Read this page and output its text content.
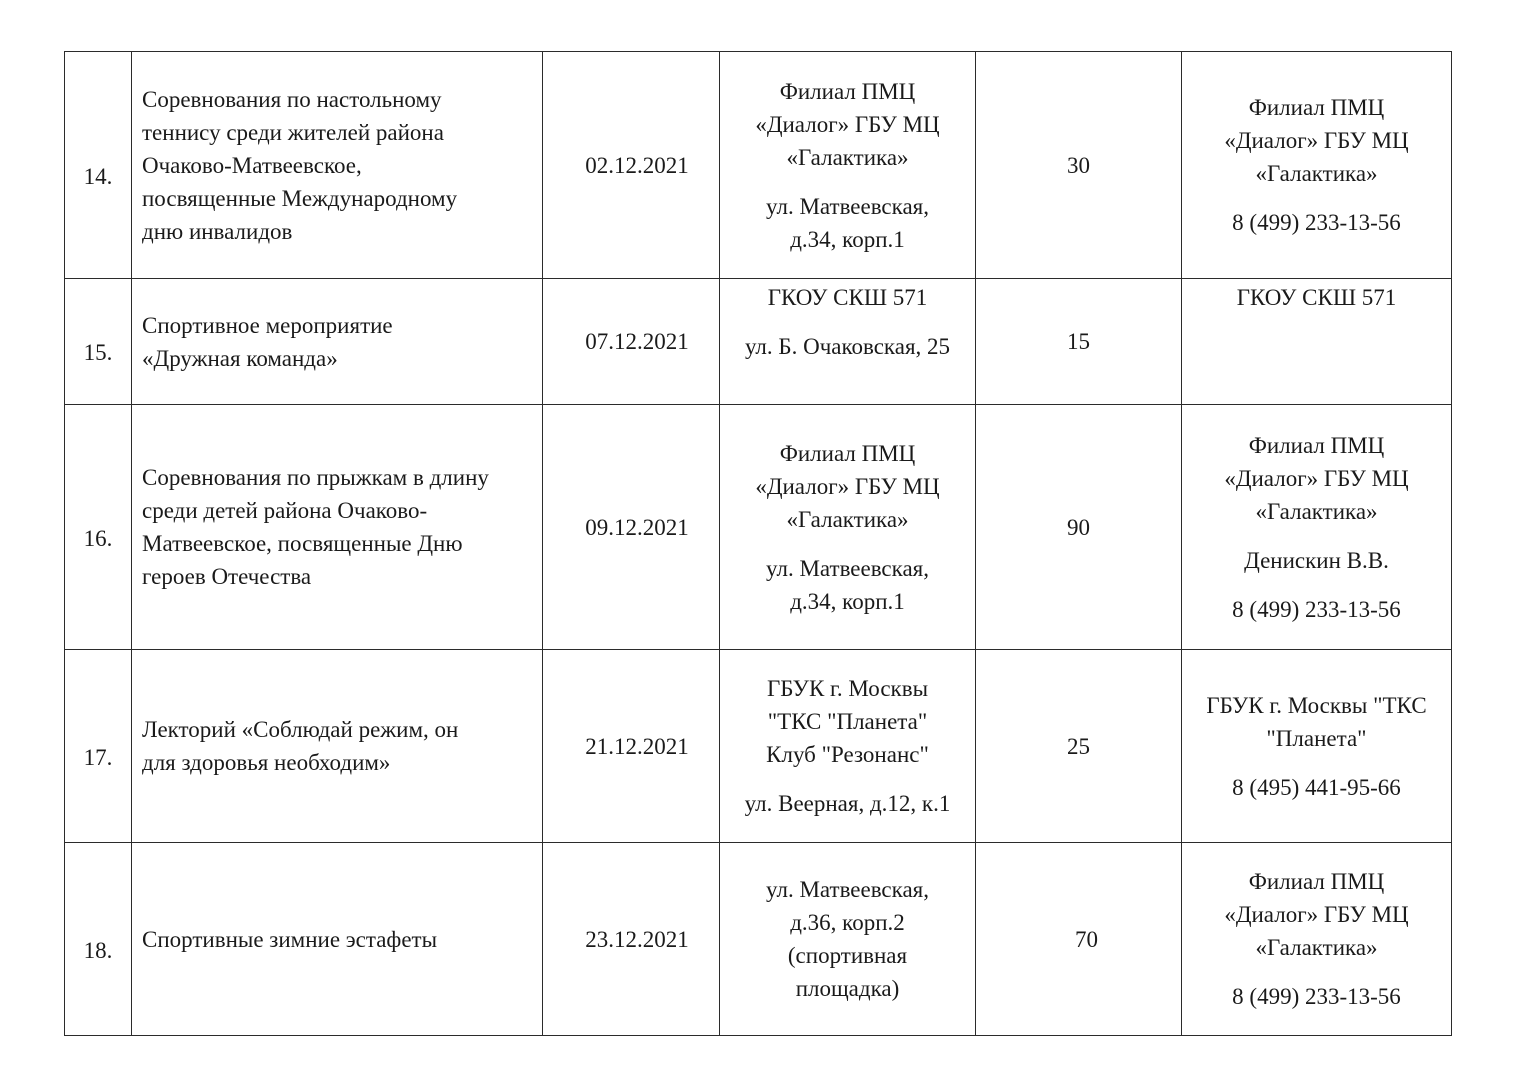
14.	Соревнования по настольному
теннису среди жителей района
Очаково-Матвеевское,
посвященные Международному
дню инвалидов	02.12.2021	Филиал ПМЦ
«Диалог» ГБУ МЦ
«Галактика»
ул. Матвеевская,
д.34, корп.1	30	Филиал ПМЦ
«Диалог» ГБУ МЦ
«Галактика»
8 (499) 233-13-56

15.	Спортивное мероприятие
«Дружная команда»	07.12.2021	ГКОУ СКШ 571
ул. Б. Очаковская, 25	15	ГКОУ СКШ 571

16.	Соревнования по прыжкам в длину
среди детей района Очаково-
Матвеевское, посвященные Дню
героев Отечества	09.12.2021	Филиал ПМЦ
«Диалог» ГБУ МЦ
«Галактика»
ул. Матвеевская,
д.34, корп.1	90	Филиал ПМЦ
«Диалог» ГБУ МЦ
«Галактика»
Денискин В.В.
8 (499) 233-13-56

17.	Лекторий «Соблюдай режим, он
для здоровья необходим»	21.12.2021	ГБУК г. Москвы
"ТКС "Планета"
Клуб "Резонанс"
ул. Веерная, д.12, к.1	25	ГБУК г. Москвы "ТКС
"Планета"
8 (495) 441-95-66

18.	Спортивные зимние эстафеты	23.12.2021	ул. Матвеевская,
д.36, корп.2
(спортивная
площадка)	70	Филиал ПМЦ
«Диалог» ГБУ МЦ
«Галактика»
8 (499) 233-13-56
